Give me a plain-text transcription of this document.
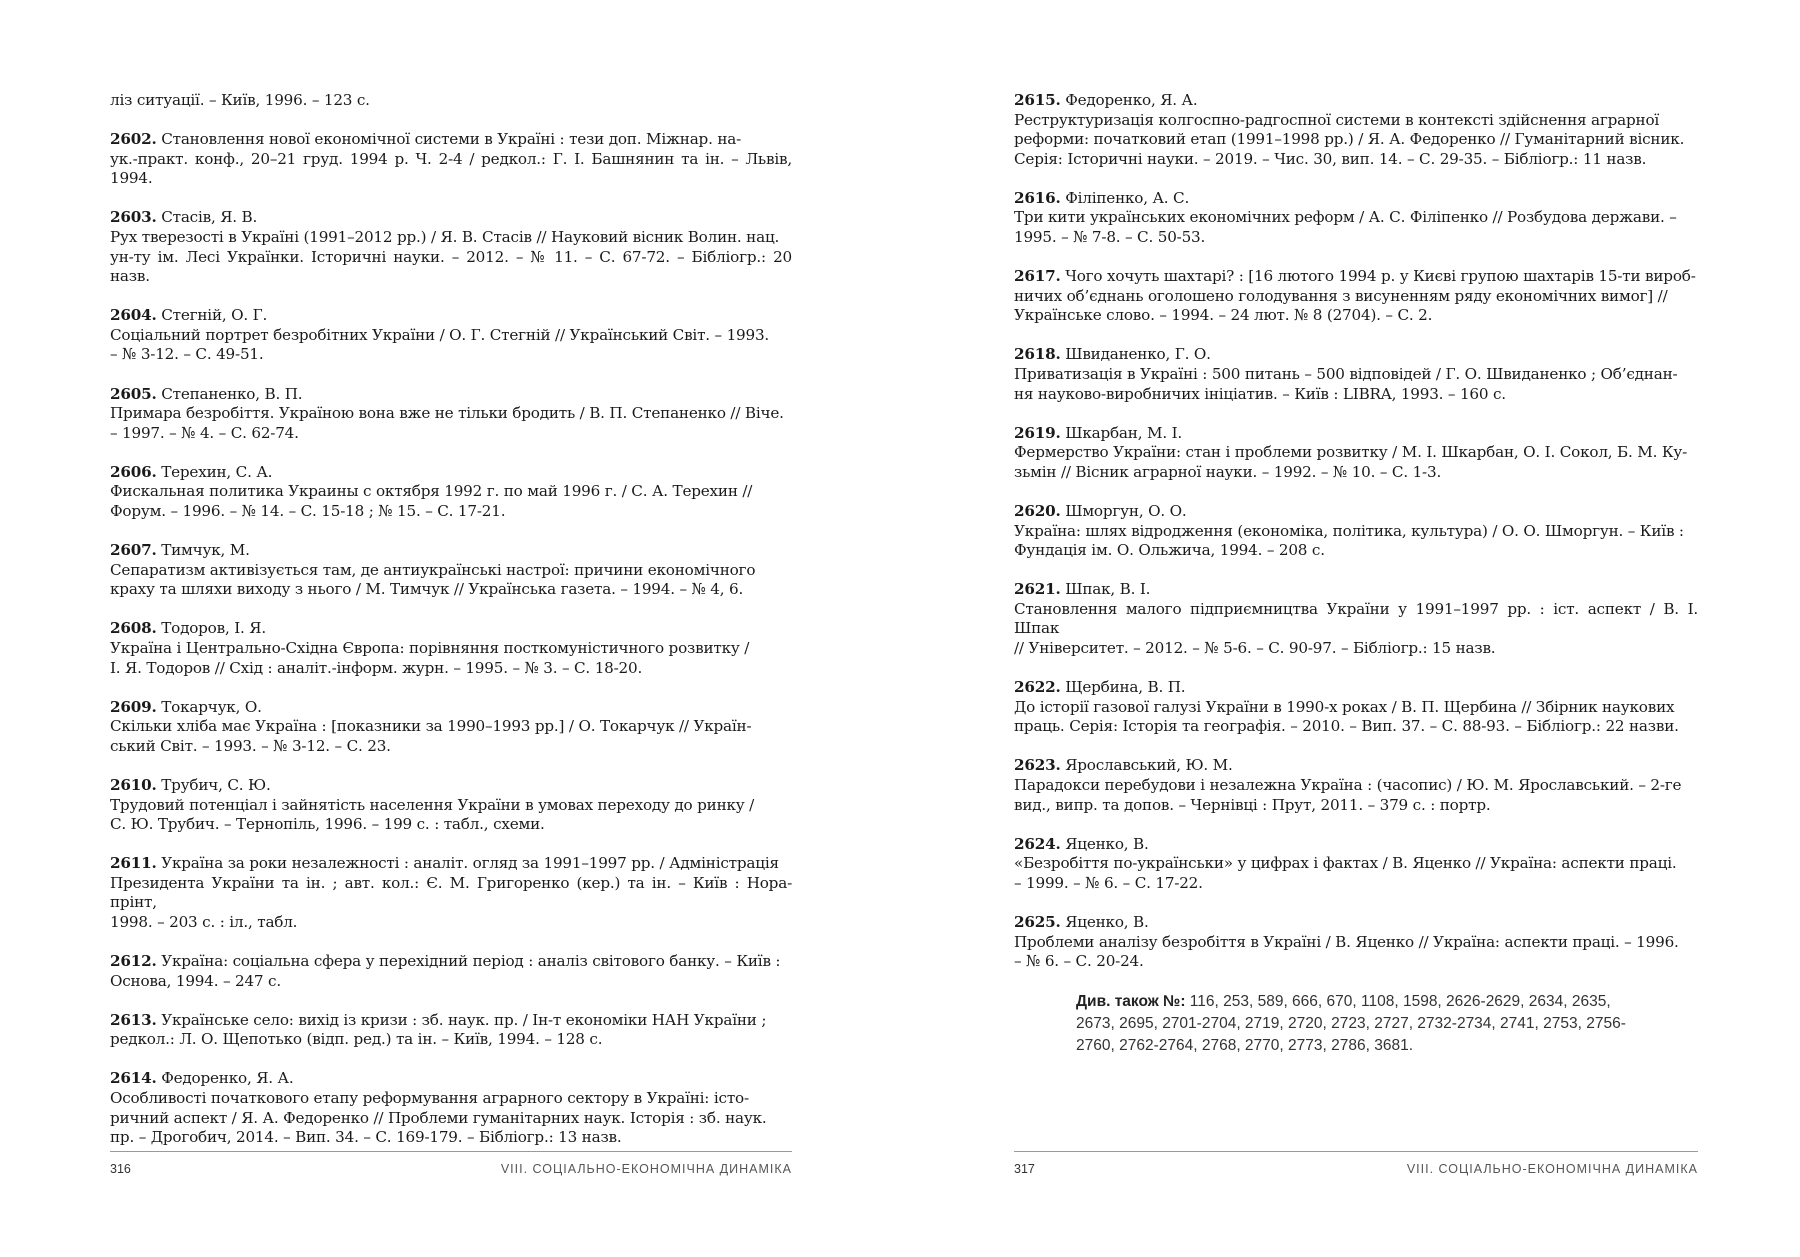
ліз ситуації. – Київ, 1996. – 123 с.
2602. Становлення нової економічної системи в Україні : тези доп. Міжнар. на-
ук.-практ. конф., 20–21 груд. 1994 р. Ч. 2-4 / редкол.: Г. І. Башнянин та ін. – Львів, 1994.
2603. Стасів, Я. В.
Рух тверезості в Україні (1991–2012 рр.) / Я. В. Стасів // Науковий вісник Волин. нац.
ун-ту ім. Лесі Українки. Історичні науки. – 2012. – № 11. – С. 67-72. – Бібліогр.: 20 назв.
2604. Стегній, О. Г.
Соціальний портрет безробітних України / О. Г. Стегній // Український Світ. – 1993.
– № 3-12. – С. 49-51.
2605. Степаненко, В. П.
Примара безробіття. Україною вона вже не тільки бродить / В. П. Степаненко // Віче.
– 1997. – № 4. – С. 62-74.
2606. Терехин, С. А.
Фискальная политика Украины с октября 1992 г. по май 1996 г. / С. А. Терехин //
Форум. – 1996. – № 14. – С. 15-18 ; № 15. – С. 17-21.
2607. Тимчук, М.
Сепаратизм активізується там, де антиукраїнські настрої: причини економічного
краху та шляхи виходу з нього / М. Тимчук // Українська газета. – 1994. – № 4, 6.
2608. Тодоров, І. Я.
Україна і Центрально-Східна Європа: порівняння посткомуністичного розвитку /
І. Я. Тодоров // Схід : аналіт.-інформ. журн. – 1995. – № 3. – С. 18-20.
2609. Токарчук, О.
Скільки хліба має Україна : [показники за 1990–1993 рр.] / О. Токарчук // Україн-
ський Світ. – 1993. – № 3-12. – С. 23.
2610. Трубич, С. Ю.
Трудовий потенціал і зайнятість населення України в умовах переходу до ринку /
С. Ю. Трубич. – Тернопіль, 1996. – 199 с. : табл., схеми.
2611. Україна за роки незалежності : аналіт. огляд за 1991–1997 рр. / Адміністрація
Президента України та ін. ; авт. кол.: Є. М. Григоренко (кер.) та ін. – Київ : Нора-прінт,
1998. – 203 с. : іл., табл.
2612. Україна: соціальна сфера у перехідний період : аналіз світового банку. – Київ :
Основа, 1994. – 247 с.
2613. Українське село: вихід із кризи : зб. наук. пр. / Ін-т економіки НАН України ;
редкол.: Л. О. Щепотько (відп. ред.) та ін. – Київ, 1994. – 128 с.
2614. Федоренко, Я. А.
Особливості початкового етапу реформування аграрного сектору в Україні: істо-
ричний аспект / Я. А. Федоренко // Проблеми гуманітарних наук. Історія : зб. наук.
пр. – Дрогобич, 2014. – Вип. 34. – С. 169-179. – Бібліогр.: 13 назв.
316	VIII. СОЦІАЛЬНО-ЕКОНОМІЧНА ДИНАМІКА
2615. Федоренко, Я. А.
Реструктуризація колгоспно-радгоспної системи в контексті здійснення аграрної
реформи: початковий етап (1991–1998 рр.) / Я. А. Федоренко // Гуманітарний вісник.
Серія: Історичні науки. – 2019. – Чис. 30, вип. 14. – С. 29-35. – Бібліогр.: 11 назв.
2616. Філіпенко, А. С.
Три кити українських економічних реформ / А. С. Філіпенко // Розбудова держави. –
1995. – № 7-8. – С. 50-53.
2617. Чого хочуть шахтарі? : [16 лютого 1994 р. у Києві групою шахтарів 15-ти вироб-
ничих об’єднань оголошено голодування з висуненням ряду економічних вимог] //
Українське слово. – 1994. – 24 лют. № 8 (2704). – С. 2.
2618. Швиданенко, Г. О.
Приватизація в Україні : 500 питань – 500 відповідей / Г. О. Швиданенко ; Об’єднан-
ня науково-виробничих ініціатив. – Київ : LIBRA, 1993. – 160 с.
2619. Шкарбан, М. І.
Фермерство України: стан і проблеми розвитку / М. І. Шкарбан, О. І. Сокол, Б. М. Ку-
зьмін // Вісник аграрної науки. – 1992. – № 10. – С. 1-3.
2620. Шморгун, О. О.
Україна: шлях відродження (економіка, політика, культура) / О. О. Шморгун. – Київ :
Фундація ім. О. Ольжича, 1994. – 208 с.
2621. Шпак, В. І.
Становлення малого підприємництва України у 1991–1997 рр. : іст. аспект / В. І. Шпак
// Університет. – 2012. – № 5-6. – С. 90-97. – Бібліогр.: 15 назв.
2622. Щербина, В. П.
До історії газової галузі України в 1990-х роках / В. П. Щербина // Збірник наукових
праць. Серія: Історія та географія. – 2010. – Вип. 37. – С. 88-93. – Бібліогр.: 22 назви.
2623. Ярославський, Ю. М.
Парадокси перебудови і незалежна Україна : (часопис) / Ю. М. Ярославський. – 2-ге
вид., випр. та допов. – Чернівці : Прут, 2011. – 379 с. : портр.
2624. Яценко, В.
«Безробіття по-українськи» у цифрах і фактах / В. Яценко // Україна: аспекти праці.
– 1999. – № 6. – С. 17-22.
2625. Яценко, В.
Проблеми аналізу безробіття в Україні / В. Яценко // Україна: аспекти праці. – 1996.
– № 6. – С. 20-24.
Див. також №: 116, 253, 589, 666, 670, 1108, 1598, 2626-2629, 2634, 2635, 2673, 2695, 2701-2704, 2719, 2720, 2723, 2727, 2732-2734, 2741, 2753, 2756-2760, 2762-2764, 2768, 2770, 2773, 2786, 3681.
317	VIII. СОЦІАЛЬНО-ЕКОНОМІЧНА ДИНАМІКА
